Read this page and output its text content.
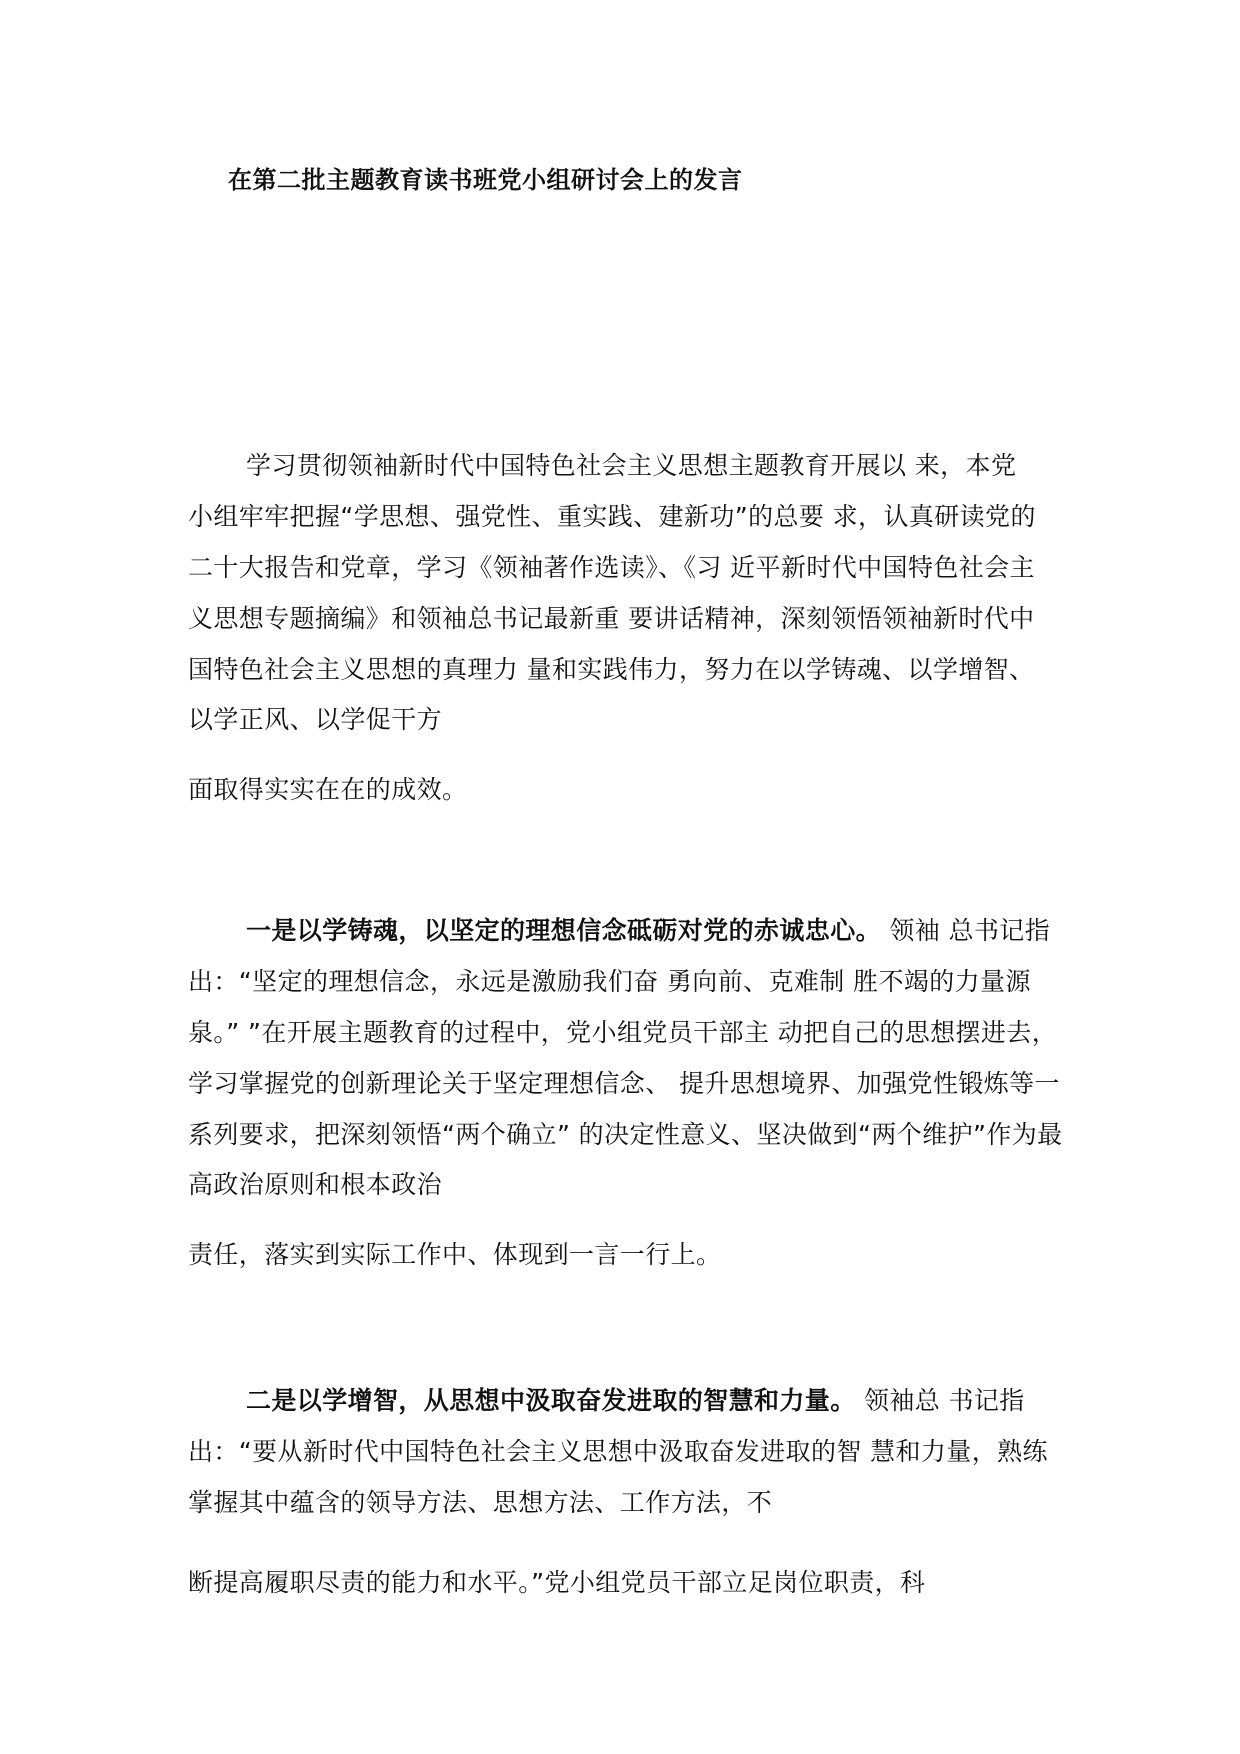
在第二批主题教育读书班党小组研讨会上的发言
学习贯彻领袖新时代中国特色社会主义思想主题教育开展以 来，本党
小组牢牢把握“学思想、强党性、重实践、建新功”的总要 求，认真研读党的
二十大报告和党章，学习《领袖著作选读》、《习 近平新时代中国特色社会主
义思想专题摘编》和领袖总书记最新重 要讲话精神，深刻领悟领袖新时代中
国特色社会主义思想的真理力 量和实践伟力，努力在以学铸魂、以学增智、
以学正风、以学促干方
面取得实实在在的成效。
一是以学铸魂，以坚定的理想信念砥砺对党的赤诚忠心。 领袖 总书记指
出：“坚定的理想信念，永远是激励我们奋 勇向前、克难制 胜不竭的力量源
泉。” ”在开展主题教育的过程中，党小组党员干部主 动把自己的思想摆进去，
学习掌握党的创新理论关于坚定理想信念、 提升思想境界、加强党性锻炼等一
系列要求，把深刻领悟“两个确立” 的决定性意义、坚决做到“两个维护”作为最
高政治原则和根本政治
责任，落实到实际工作中、体现到一言一行上。
二是以学增智，从思想中汲取奋发进取的智慧和力量。 领袖总 书记指
出：“要从新时代中国特色社会主义思想中汲取奋发进取的智 慧和力量，熟练
掌握其中蕴含的领导方法、思想方法、工作方法，不
断提高履职尽责的能力和水平。”党小组党员干部立足岗位职责，科
